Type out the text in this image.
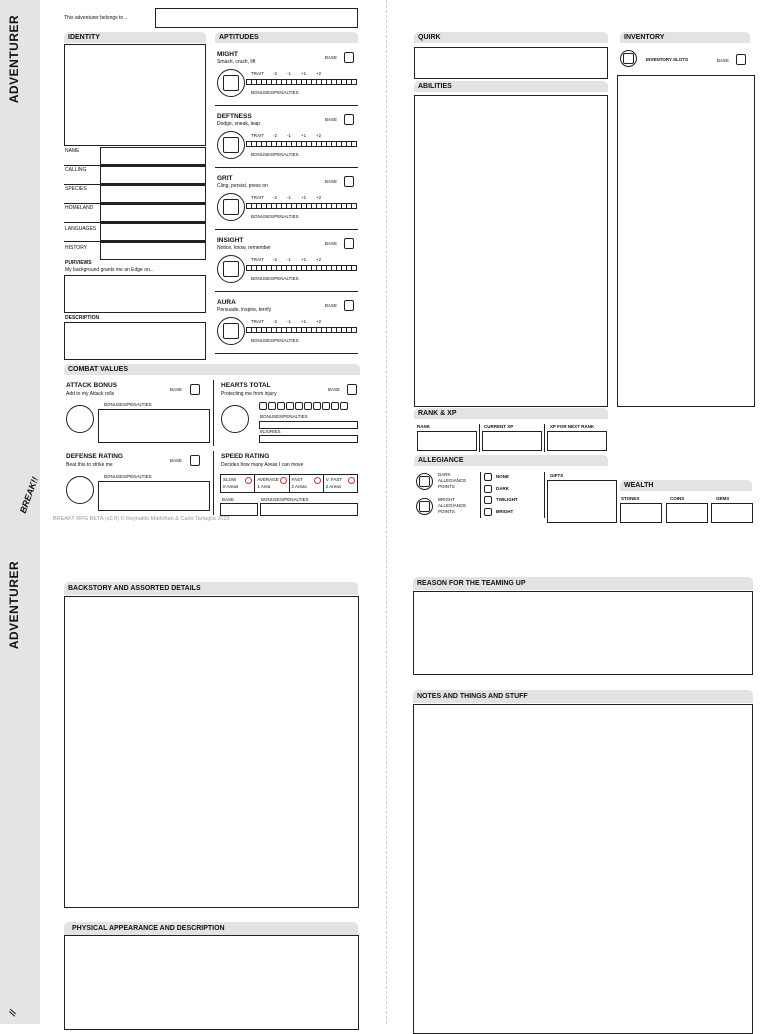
ADVENTURER
BREAK!!
ADVENTURER
//
This adventurer belongs to...
IDENTITY
NAME
CALLING
SPECIES
HOMELAND
LANGUAGES
HISTORY
PURVIEWS
My background grants me an Edge on...
DESCRIPTION
APTITUDES
MIGHT
Smash, crush, lift
BASE
TRAIT -2 -1 +1 +2
BONUSES/PENALTIES
DEFTNESS
Dodge, sneak, leap
BASE
TRAIT -2 -1 +1 +2
BONUSES/PENALTIES
GRIT
Cling, persist, press on
BASE
TRAIT -2 -1 +1 +2
BONUSES/PENALTIES
INSIGHT
Notice, know, remember
BASE
TRAIT -2 -1 +1 +2
BONUSES/PENALTIES
AURA
Persuade, inspire, terrify
BASE
TRAIT -2 -1 +1 +2
BONUSES/PENALTIES
COMBAT VALUES
ATTACK BONUS
Add to my Attack rolls
BASE
BONUSES/PENALTIES
HEARTS TOTAL
Protecting me from injury
BASE
BONUSES/PENALTIES
INJURIES
DEFENSE RATING
Beat this to strike me
BASE
BONUSES/PENALTIES
SPEED RATING
Decides how many Areas I can move
SLOW
0 Areas
AVERAGE
1 Area
FAST
2 Areas
V. FAST
2 Areas
BASE	BONUSES/PENALTIES
BREAK!! RPG BETA (v0.9) © Reynaldo Madriñan & Carlo Tartaglia 2023
QUIRK
ABILITIES
INVENTORY
INVENTORY SLOTS	BASE
RANK & XP
RANK	CURRENT XP	XP FOR NEXT RANK
ALLEGIANCE
DARK ALLEGIANCE POINTS
BRIGHT ALLEGIANCE POINTS
NONE
DARK
TWILIGHT
BRIGHT
GIFTS
WEALTH
STONES	COINS	GEMS
BACKSTORY AND ASSORTED DETAILS
PHYSICAL APPEARANCE AND DESCRIPTION
REASON FOR THE TEAMING UP
NOTES AND THINGS AND STUFF
